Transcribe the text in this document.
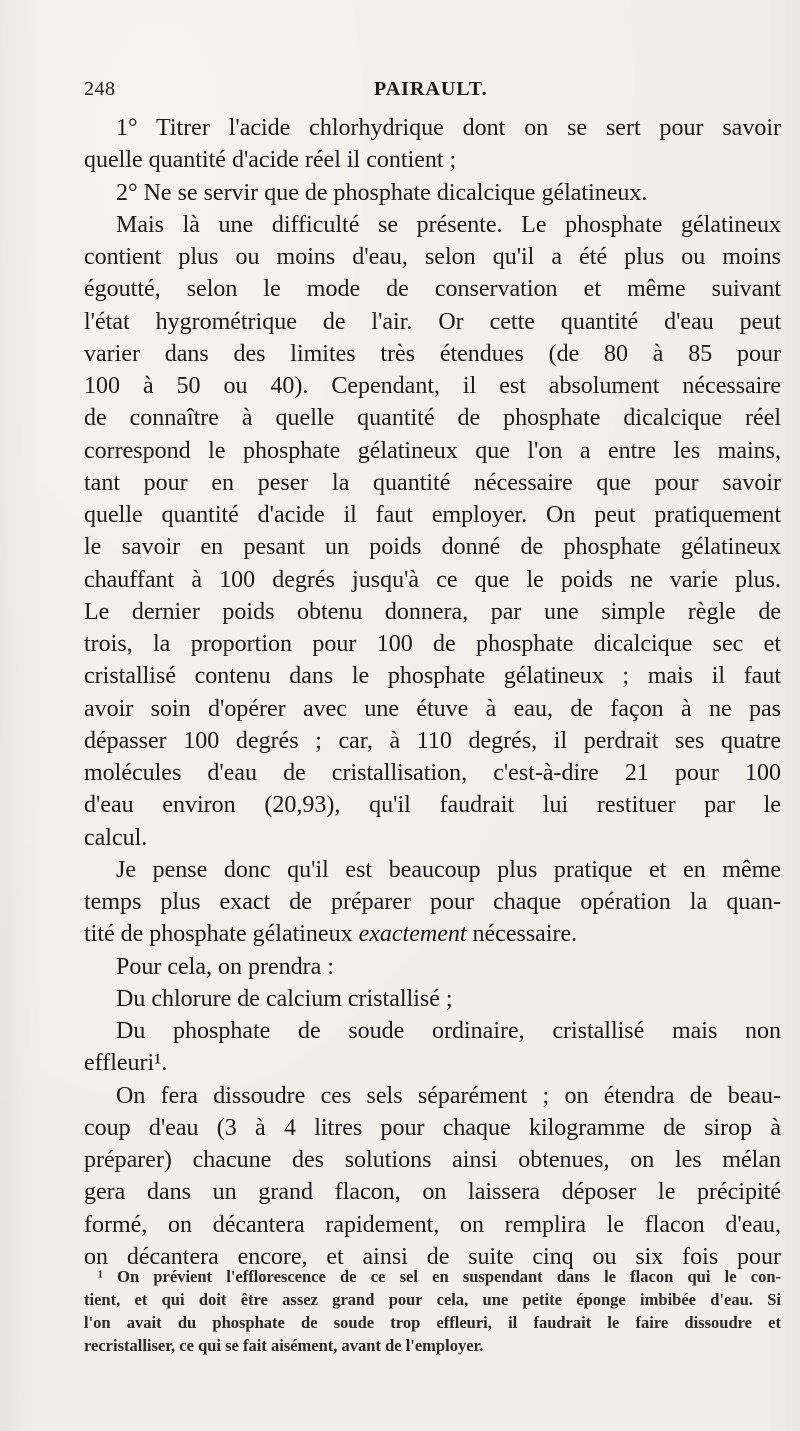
248	PAIRAULT.
1° Titrer l'acide chlorhydrique dont on se sert pour savoir
quelle quantité d'acide réel il contient ;
2° Ne se servir que de phosphate dicalcique gélatineux.
Mais là une difficulté se présente. Le phosphate gélatineux
contient plus ou moins d'eau, selon qu'il a été plus ou moins
égoutté, selon le mode de conservation et même suivant
l'état hygrométrique de l'air. Or cette quantité d'eau peut
varier dans des limites très étendues (de 80 à 85 pour
100 à 50 ou 40). Cependant, il est absolument nécessaire
de connaître à quelle quantité de phosphate dicalcique réel
correspond le phosphate gélatineux que l'on a entre les mains,
tant pour en peser la quantité nécessaire que pour savoir
quelle quantité d'acide il faut employer. On peut pratiquement
le savoir en pesant un poids donné de phosphate gélatineux
chauffant à 100 degrés jusqu'à ce que le poids ne varie plus.
Le dernier poids obtenu donnera, par une simple règle de
trois, la proportion pour 100 de phosphate dicalcique sec et
cristallisé contenu dans le phosphate gélatineux ; mais il faut
avoir soin d'opérer avec une étuve à eau, de façon à ne pas
dépasser 100 degrés ; car, à 110 degrés, il perdrait ses quatre
molécules d'eau de cristallisation, c'est-à-dire 21 pour 100
d'eau environ (20,93), qu'il faudrait lui restituer par le
calcul.
Je pense donc qu'il est beaucoup plus pratique et en même
temps plus exact de préparer pour chaque opération la quan-
tité de phosphate gélatineux exactement nécessaire.
Pour cela, on prendra :
Du chlorure de calcium cristallisé ;
Du phosphate de soude ordinaire, cristallisé mais non
effleuri¹.
On fera dissoudre ces sels séparément ; on étendra de beau-
coup d'eau (3 à 4 litres pour chaque kilogramme de sirop à
préparer) chacune des solutions ainsi obtenues, on les mélan
gera dans un grand flacon, on laissera déposer le précipité
formé, on décantera rapidement, on remplira le flacon d'eau,
on décantera encore, et ainsi de suite cinq ou six fois pour
¹ On prévient l'efflorescence de ce sel en suspendant dans le flacon qui le con-
tient, et qui doit être assez grand pour cela, une petite éponge imbibée d'eau. Si
l'on avait du phosphate de soude trop effleuri, il faudrait le faire dissoudre et
recristalliser, ce qui se fait aisément, avant de l'employer.
